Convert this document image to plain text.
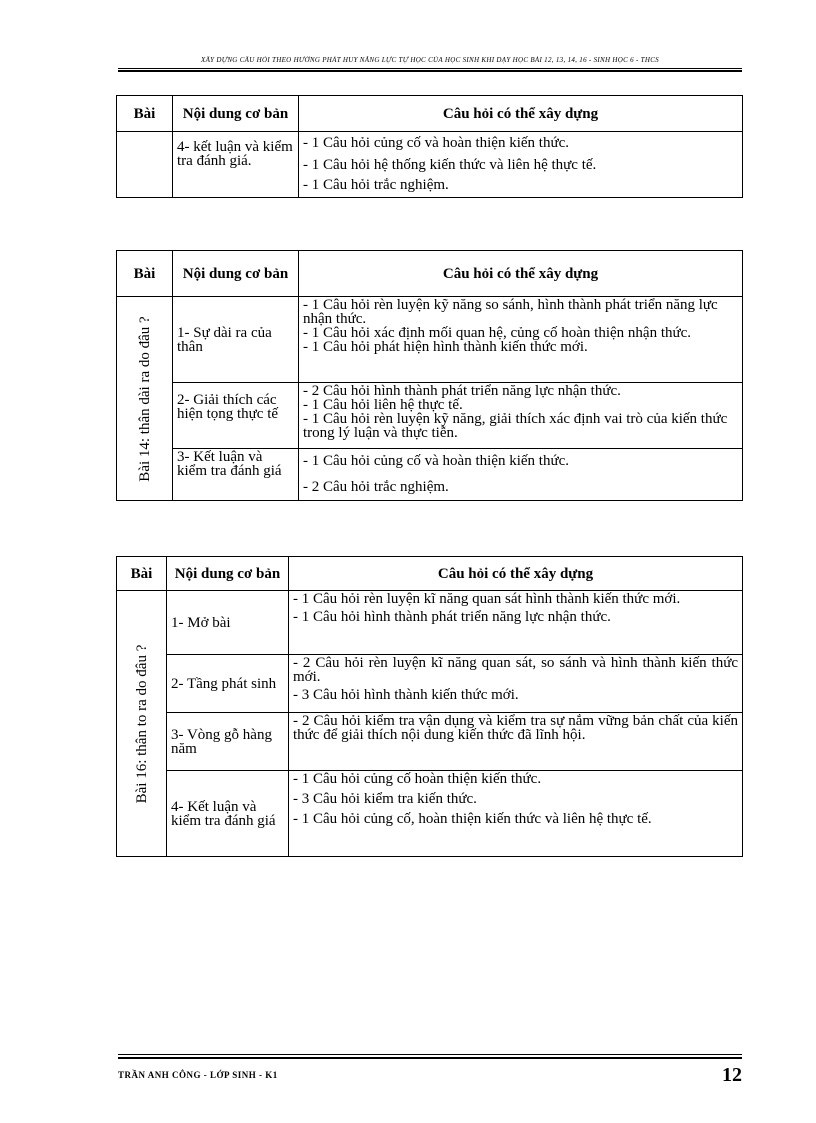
XÂY DỰNG CÂU HỎI THEO HƯỚNG PHÁT HUY NĂNG LỰC TỰ HỌC CỦA HỌC SINH KHI DẠY HỌC BÀI 12, 13, 14, 16 - SINH HỌC 6 - THCS
Bài	Nội dung cơ bản	Câu hỏi có thể xây dựng
	4- kết luận và kiểm tra đánh giá.	- 1 Câu hỏi củng cố và hoàn thiện kiến thức.
- 1 Câu hỏi hệ thống kiến thức và liên hệ thực tế.
- 1 Câu hỏi trắc nghiệm.
Bài	Nội dung cơ bản	Câu hỏi có thể xây dựng

Bài 14: thân dài ra do đâu ?	1- Sự dài ra của thân	- 1 Câu hỏi rèn luyện kỹ năng so sánh, hình thành phát triển năng lực nhận thức.
- 1 Câu hỏi xác định mối quan hệ, củng cố hoàn thiện nhận thức.
- 1 Câu hỏi phát hiện hình thành kiến thức mới.

	2- Giải thích các hiện tọng thực tế	- 2 Câu hỏi hình thành phát triển năng lực nhận thức.
- 1 Câu hỏi liên hệ thực tế.
- 1 Câu hỏi rèn luyện kỹ năng, giải thích xác định vai trò của kiến thức trong lý luận và thực tiễn.

	3- Kết luận và kiểm tra đánh giá	- 1 Câu hỏi củng cố và hoàn thiện kiến thức.
- 2 Câu hỏi trắc nghiệm.
Bài	Nội dung cơ bản	Câu hỏi có thể xây dựng

Bài 16: thân to ra do đâu ?	1- Mở bài	- 1 Câu hỏi rèn luyện kĩ năng quan sát hình thành kiến thức mới.
- 1 Câu hỏi hình thành phát triển năng lực nhận thức.

	2- Tầng phát sinh	- 2 Câu hỏi rèn luyện kĩ năng quan sát, so sánh và hình thành kiến thức mới.
- 3 Câu hỏi hình thành kiến thức mới.

	3- Vòng gỗ hàng năm	- 2 Câu hỏi kiểm tra vận dụng và kiểm tra sự nắm vững bản chất của kiến thức để giải thích nội dung kiến thức đã lĩnh hội.

	4- Kết luận và kiểm tra đánh giá	- 1 Câu hỏi củng cố hoàn thiện kiến thức.
- 3 Câu hỏi kiểm tra kiến thức.
- 1 Câu hỏi củng cố, hoàn thiện kiến thức và liên hệ thực tế.
TRẦN ANH CÔNG - LỚP SINH - K1	12
